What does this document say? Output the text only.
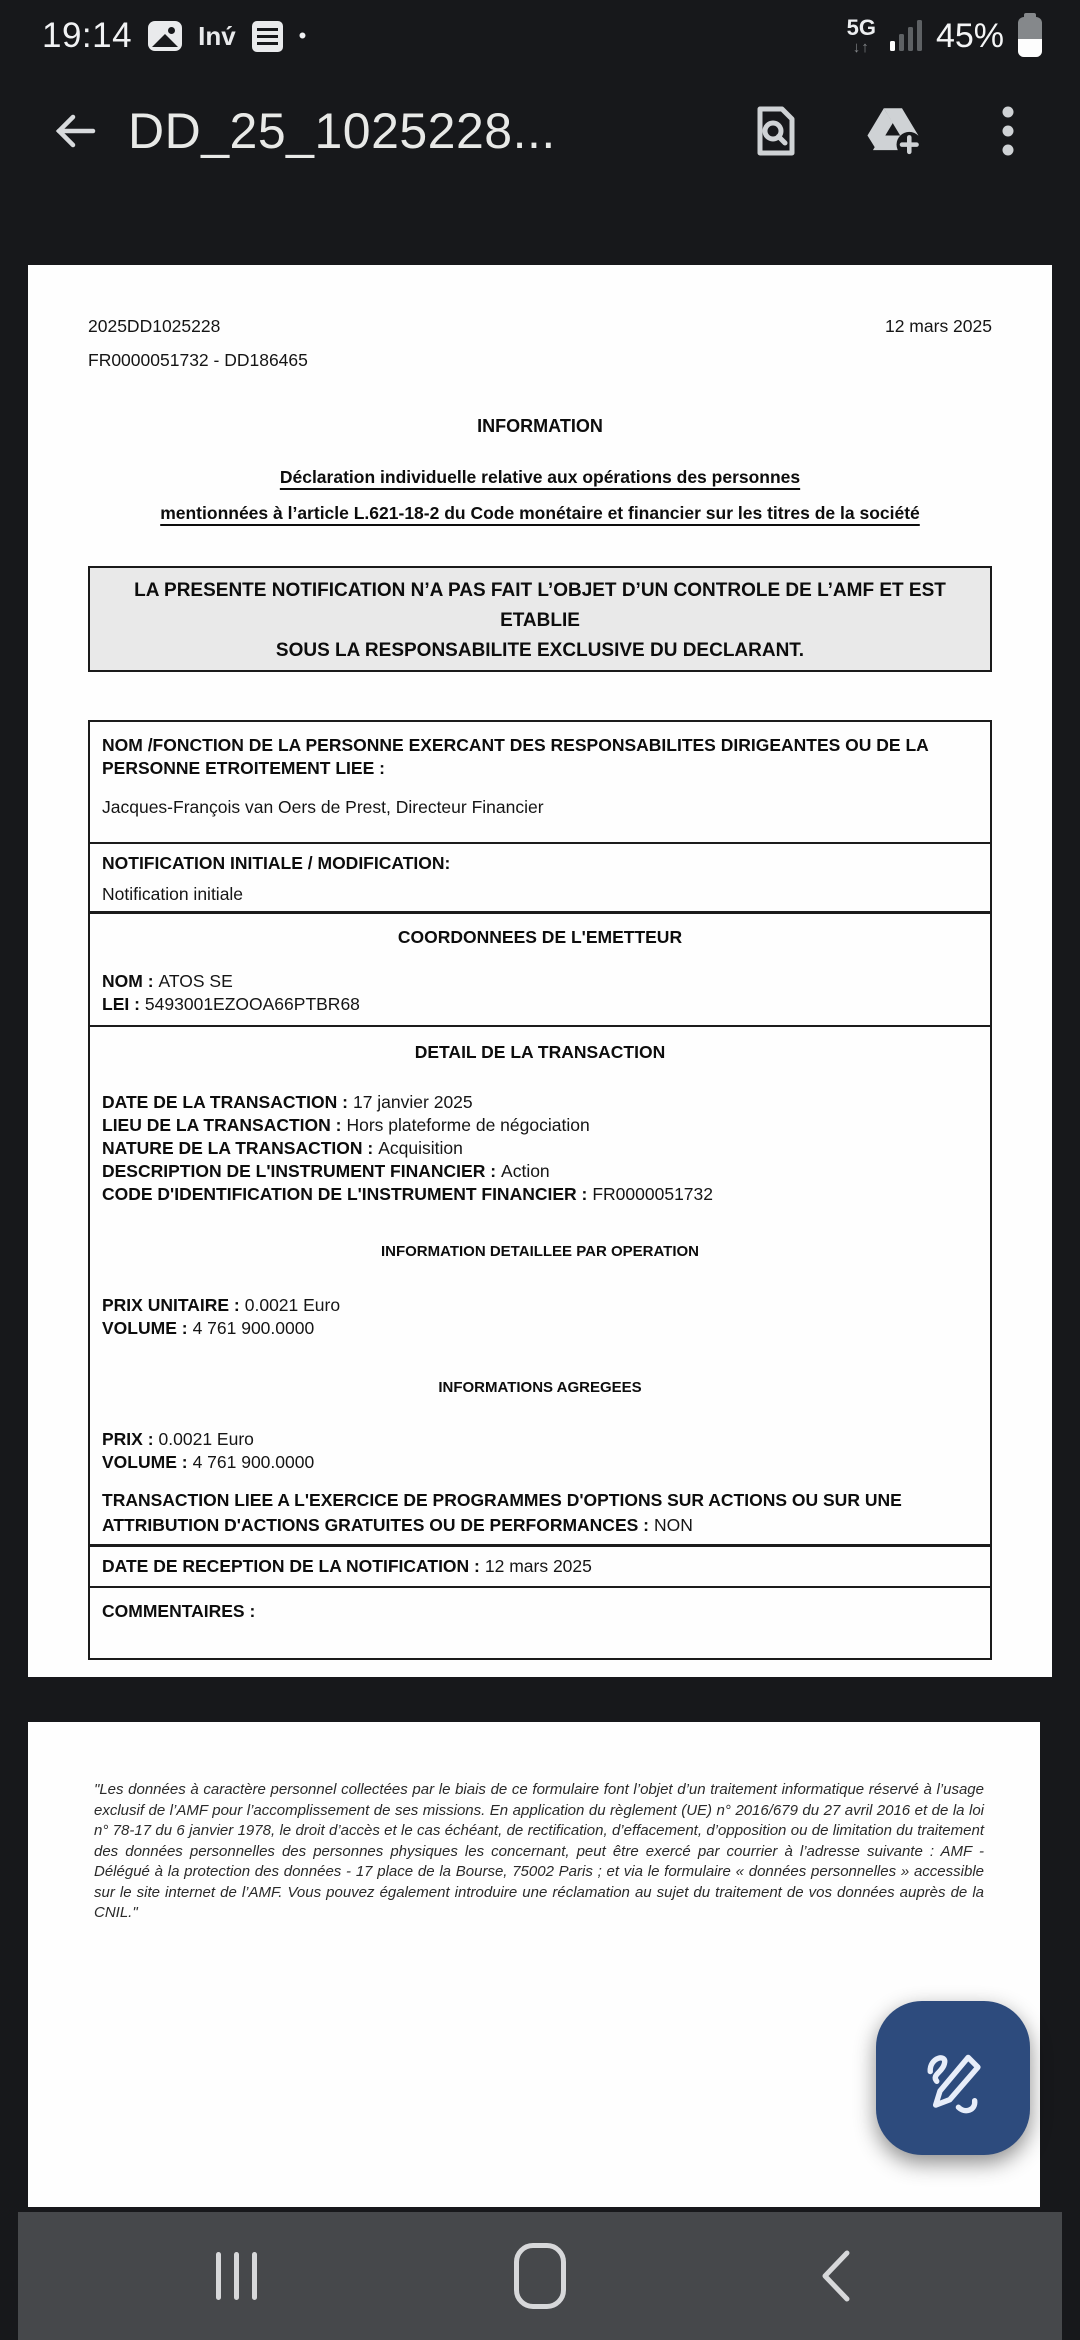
19:14	Inv́	•	5G
↓↑ 45%
DD_25_1025228...
2025DD1025228	12 mars 2025
FR0000051732 - DD186465
INFORMATION
Déclaration individuelle relative aux opérations des personnes
mentionnées à l’article L.621-18-2 du Code monétaire et financier sur les titres de la société
LA PRESENTE NOTIFICATION N’A PAS FAIT L’OBJET D’UN CONTROLE DE L’AMF ET EST ETABLIE
SOUS LA RESPONSABILITE EXCLUSIVE DU DECLARANT.
NOM /FONCTION DE LA PERSONNE EXERCANT DES RESPONSABILITES DIRIGEANTES OU DE LA PERSONNE ETROITEMENT LIEE :
Jacques-François van Oers de Prest, Directeur Financier
NOTIFICATION INITIALE / MODIFICATION:
Notification initiale
COORDONNEES DE L'EMETTEUR
NOM : ATOS SE
LEI : 5493001EZOOA66PTBR68
DETAIL DE LA TRANSACTION
DATE DE LA TRANSACTION : 17 janvier 2025
LIEU DE LA TRANSACTION : Hors plateforme de négociation
NATURE DE LA TRANSACTION : Acquisition
DESCRIPTION DE L'INSTRUMENT FINANCIER : Action
CODE D'IDENTIFICATION DE L'INSTRUMENT FINANCIER : FR0000051732
INFORMATION DETAILLEE PAR OPERATION
PRIX UNITAIRE : 0.0021 Euro
VOLUME : 4 761 900.0000
INFORMATIONS AGREGEES
PRIX : 0.0021 Euro
VOLUME : 4 761 900.0000
TRANSACTION LIEE A L'EXERCICE DE PROGRAMMES D'OPTIONS SUR ACTIONS OU SUR UNE ATTRIBUTION D'ACTIONS GRATUITES OU DE PERFORMANCES : NON
DATE DE RECEPTION DE LA NOTIFICATION : 12 mars 2025
COMMENTAIRES :

"Les données à caractère personnel collectées par le biais de ce formulaire font l’objet d’un traitement informatique réservé à l’usage exclusif de l’AMF pour l’accomplissement de ses missions. En application du règlement (UE) n° 2016/679 du 27 avril 2016 et de la loi n° 78-17 du 6 janvier 1978, le droit d’accès et le cas échéant, de rectification, d’effacement, d’opposition ou de limitation du traitement des données personnelles des personnes physiques les concernant, peut être exercé par courrier à l’adresse suivante : AMF - Délégué à la protection des données - 17 place de la Bourse, 75002 Paris ; et via le formulaire « données personnelles » accessible sur le site internet de l’AMF. Vous pouvez également introduire une réclamation au sujet du traitement de vos données auprès de la CNIL."
